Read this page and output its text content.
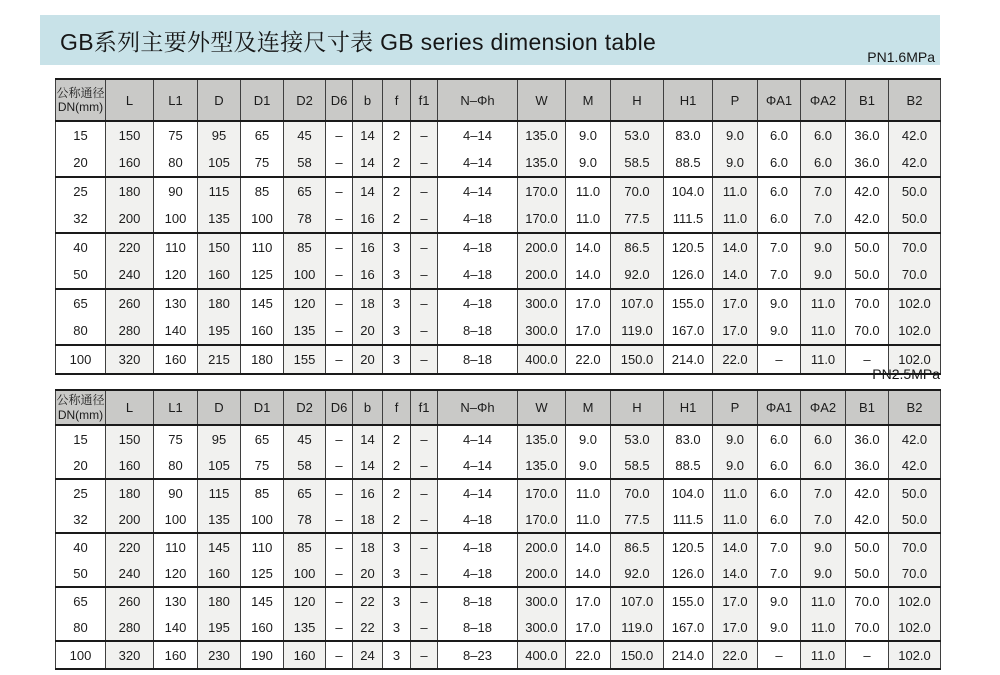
GB系列主要外型及连接尺寸表 GB series dimension table
PN1.6MPa
公称通径
DN(mm)	L	L1	D	D1	D2	D6	b	f	f1	N–Φh	W	M	H	H1	P	ΦA1	ΦA2	B1	B2
15	150	75	95	65	45	–	14	2	–	4–14	135.0	9.0	53.0	83.0	9.0	6.0	6.0	36.0	42.0
20	160	80	105	75	58	–	14	2	–	4–14	135.0	9.0	58.5	88.5	9.0	6.0	6.0	36.0	42.0
25	180	90	115	85	65	–	14	2	–	4–14	170.0	11.0	70.0	104.0	11.0	6.0	7.0	42.0	50.0
32	200	100	135	100	78	–	16	2	–	4–18	170.0	11.0	77.5	111.5	11.0	6.0	7.0	42.0	50.0
40	220	110	150	110	85	–	16	3	–	4–18	200.0	14.0	86.5	120.5	14.0	7.0	9.0	50.0	70.0
50	240	120	160	125	100	–	16	3	–	4–18	200.0	14.0	92.0	126.0	14.0	7.0	9.0	50.0	70.0
65	260	130	180	145	120	–	18	3	–	4–18	300.0	17.0	107.0	155.0	17.0	9.0	11.0	70.0	102.0
80	280	140	195	160	135	–	20	3	–	8–18	300.0	17.0	119.0	167.0	17.0	9.0	11.0	70.0	102.0
100	320	160	215	180	155	–	20	3	–	8–18	400.0	22.0	150.0	214.0	22.0	–	11.0	–	102.0
PN2.5MPa
公称通径
DN(mm)	L	L1	D	D1	D2	D6	b	f	f1	N–Φh	W	M	H	H1	P	ΦA1	ΦA2	B1	B2
15	150	75	95	65	45	–	14	2	–	4–14	135.0	9.0	53.0	83.0	9.0	6.0	6.0	36.0	42.0
20	160	80	105	75	58	–	14	2	–	4–14	135.0	9.0	58.5	88.5	9.0	6.0	6.0	36.0	42.0
25	180	90	115	85	65	–	16	2	–	4–14	170.0	11.0	70.0	104.0	11.0	6.0	7.0	42.0	50.0
32	200	100	135	100	78	–	18	2	–	4–18	170.0	11.0	77.5	111.5	11.0	6.0	7.0	42.0	50.0
40	220	110	145	110	85	–	18	3	–	4–18	200.0	14.0	86.5	120.5	14.0	7.0	9.0	50.0	70.0
50	240	120	160	125	100	–	20	3	–	4–18	200.0	14.0	92.0	126.0	14.0	7.0	9.0	50.0	70.0
65	260	130	180	145	120	–	22	3	–	8–18	300.0	17.0	107.0	155.0	17.0	9.0	11.0	70.0	102.0
80	280	140	195	160	135	–	22	3	–	8–18	300.0	17.0	119.0	167.0	17.0	9.0	11.0	70.0	102.0
100	320	160	230	190	160	–	24	3	–	8–23	400.0	22.0	150.0	214.0	22.0	–	11.0	–	102.0
